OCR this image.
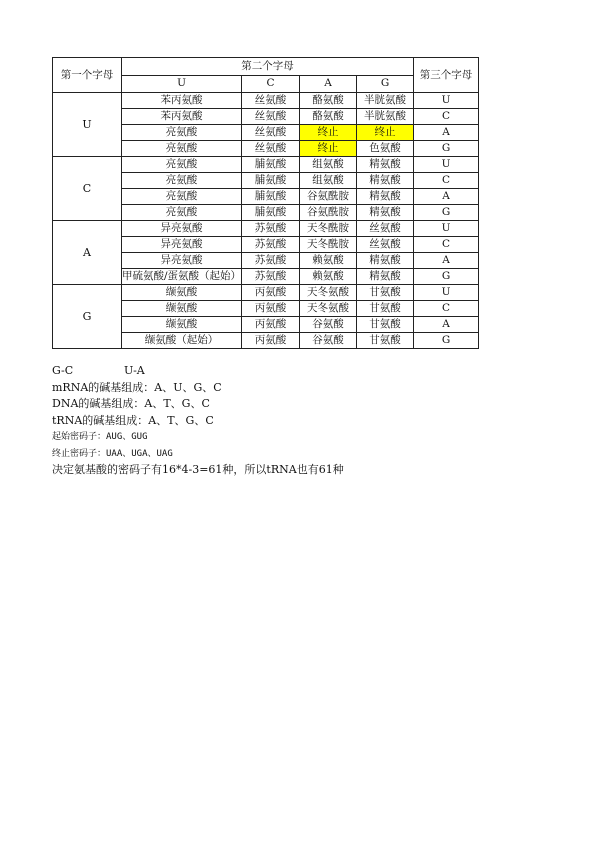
第一个字母	第二个字母				第三个字母
	U	C	A	G	
U	苯丙氨酸	丝氨酸	酪氨酸	半胱氨酸	U
	苯丙氨酸	丝氨酸	酪氨酸	半胱氨酸	C
	亮氨酸	丝氨酸	终止	终止	A
	亮氨酸	丝氨酸	终止	色氨酸	G
C	亮氨酸	脯氨酸	组氨酸	精氨酸	U
	亮氨酸	脯氨酸	组氨酸	精氨酸	C
	亮氨酸	脯氨酸	谷氨酰胺	精氨酸	A
	亮氨酸	脯氨酸	谷氨酰胺	精氨酸	G
A	异亮氨酸	苏氨酸	天冬酰胺	丝氨酸	U
	异亮氨酸	苏氨酸	天冬酰胺	丝氨酸	C
	异亮氨酸	苏氨酸	赖氨酸	精氨酸	A
	甲硫氨酸/蛋氨酸（起始）	苏氨酸	赖氨酸	精氨酸	G
G	缬氨酸	丙氨酸	天冬氨酸	甘氨酸	U
	缬氨酸	丙氨酸	天冬氨酸	甘氨酸	C
	缬氨酸	丙氨酸	谷氨酸	甘氨酸	A
	缬氨酸（起始）	丙氨酸	谷氨酸	甘氨酸	G
G-C	U-A
mRNA的碱基组成：A、U、G、C
DNA的碱基组成：A、T、G、C
tRNA的碱基组成：A、T、G、C
起始密码子：AUG、GUG
终止密码子：UAA、UGA、UAG
决定氨基酸的密码子有16*4-3=61种，所以tRNA也有61种
